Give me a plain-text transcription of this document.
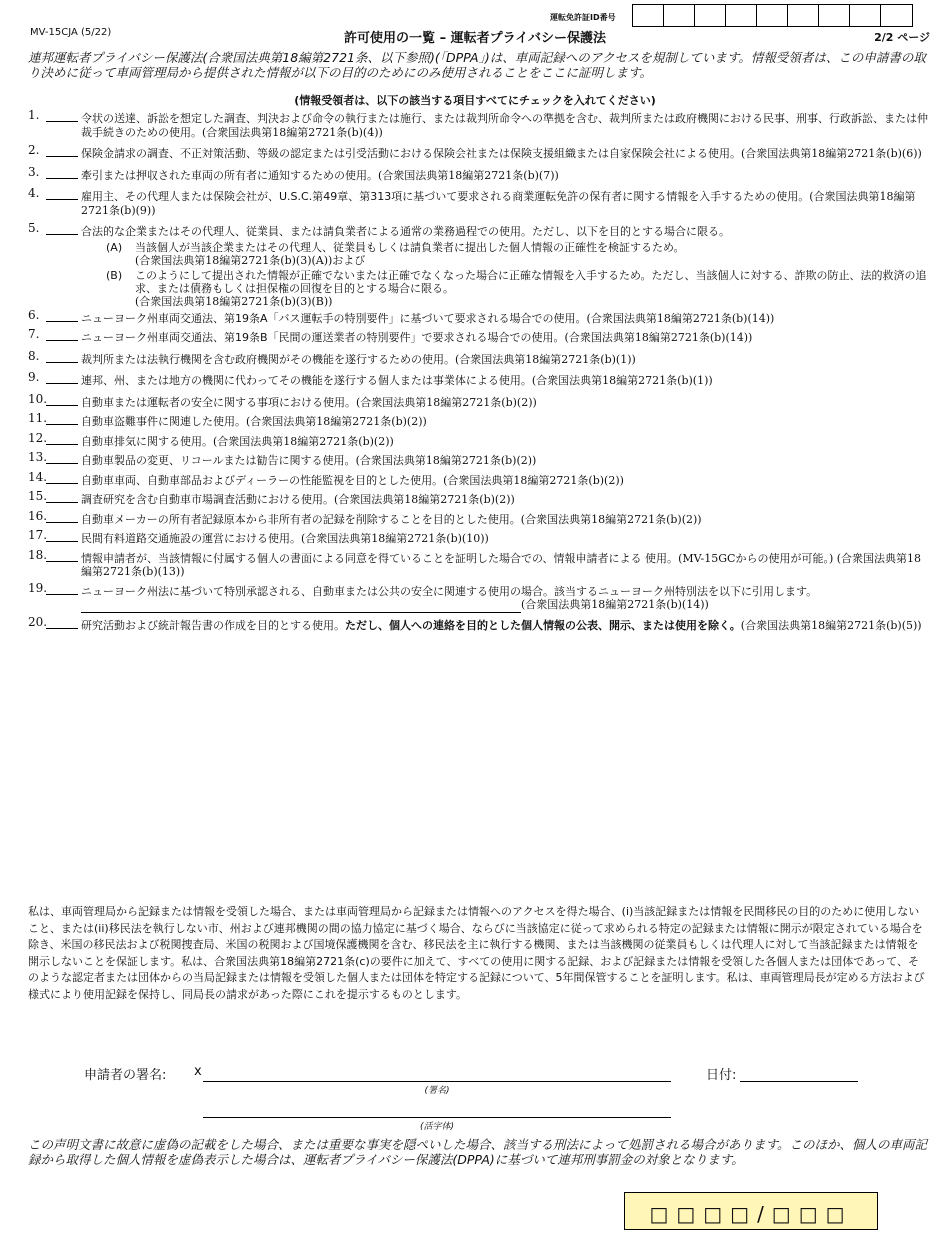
MV-15CJA (5/22)
運転免許証ID番号
許可使用の一覧 – 運転者プライバシー保護法	2/2 ページ
連邦運転者プライバシー保護法(合衆国法典第18編第2721条、以下参照)(「DPPA」)は、車両記録へのアクセスを規制しています。情報受領者は、この申請書の取り決めに従って車両管理局から提供された情報が以下の目的のためにのみ使用されることをここに証明します。
(情報受領者は、以下の該当する項目すべてにチェックを入れてください)
1.	令状の送達、訴訟を想定した調査、判決および命令の執行または施行、または裁判所命令への準拠を含む、裁判所または政府機関における民事、刑事、行政訴訟、または仲裁手続きのための使用。(合衆国法典第18編第2721条(b)(4))
2.	保険金請求の調査、不正対策活動、等級の認定または引受活動における保険会社または保険支援組織または自家保険会社による使用。(合衆国法典第18編第2721条(b)(6))
3.	牽引または押収された車両の所有者に通知するための使用。(合衆国法典第18編第2721条(b)(7))
4.	雇用主、その代理人または保険会社が、U.S.C.第49章、第313項に基づいて要求される商業運転免許の保有者に関する情報を入手するための使用。(合衆国法典第18編第2721条(b)(9))
5.	合法的な企業またはその代理人、従業員、または請負業者による通常の業務過程での使用。ただし、以下を目的とする場合に限る。
(A) 当該個人が当該企業またはその代理人、従業員もしくは請負業者に提出した個人情報の正確性を検証するため。
(合衆国法典第18編第2721条(b)(3)(A))および
(B) このようにして提出された情報が正確でないまたは正確でなくなった場合に正確な情報を入手するため。ただし、当該個人に対する、詐欺の防止、法的救済の追求、または債務もしくは担保権の回復を目的とする場合に限る。
(合衆国法典第18編第2721条(b)(3)(B))
6.	ニューヨーク州車両交通法、第19条A「バス運転手の特別要件」に基づいて要求される場合での使用。(合衆国法典第18編第2721条(b)(14))
7.	ニューヨーク州車両交通法、第19条B「民間の運送業者の特別要件」で要求される場合での使用。(合衆国法典第18編第2721条(b)(14))
8.	裁判所または法執行機関を含む政府機関がその機能を遂行するための使用。(合衆国法典第18編第2721条(b)(1))
9.	連邦、州、または地方の機関に代わってその機能を遂行する個人または事業体による使用。(合衆国法典第18編第2721条(b)(1))
10.	自動車または運転者の安全に関する事項における使用。(合衆国法典第18編第2721条(b)(2))
11.	自動車盗難事件に関連した使用。(合衆国法典第18編第2721条(b)(2))
12.	自動車排気に関する使用。(合衆国法典第18編第2721条(b)(2))
13.	自動車製品の変更、リコールまたは勧告に関する使用。(合衆国法典第18編第2721条(b)(2))
14.	自動車車両、自動車部品およびディーラーの性能監視を目的とした使用。(合衆国法典第18編第2721条(b)(2))
15.	調査研究を含む自動車市場調査活動における使用。(合衆国法典第18編第2721条(b)(2))
16.	自動車メーカーの所有者記録原本から非所有者の記録を削除することを目的とした使用。(合衆国法典第18編第2721条(b)(2))
17.	民間有料道路交通施設の運営における使用。(合衆国法典第18編第2721条(b)(10))
18.	情報申請者が、当該情報に付属する個人の書面による同意を得ていることを証明した場合での、情報申請者による 使用。(MV-15GCからの使用が可能。) (合衆国法典第18編第2721条(b)(13))
19.	ニューヨーク州法に基づいて特別承認される、自動車または公共の安全に関連する使用の場合。該当するニューヨーク州特別法を以下に引用します。 (合衆国法典第18編第2721条(b)(14))
20.	研究活動および統計報告書の作成を目的とする使用。ただし、個人への連絡を目的とした個人情報の公表、開示、または使用を除く。(合衆国法典第18編第2721条(b)(5))
私は、車両管理局から記録または情報を受領した場合、または車両管理局から記録または情報へのアクセスを得た場合、(i)当該記録または情報を民間移民の目的のために使用しないこと、または(ii)移民法を執行しない市、州および連邦機関の間の協力協定に基づく場合、ならびに当該協定に従って求められる特定の記録または情報に開示が限定されている場合を除き、米国の移民法および税関捜査局、米国の税関および国境保護機関を含む、移民法を主に執行する機関、または当該機関の従業員もしくは代理人に対して当該記録または情報を開示しないことを保証します。私は、合衆国法典第18編第2721条(c)の要件に加えて、すべての使用に関する記録、および記録または情報を受領した各個人または団体であって、そのような認定者または団体からの当局記録または情報を受領した個人または団体を特定する記録について、5年間保管することを証明します。私は、車両管理局長が定める方法および様式により使用記録を保持し、同局長の請求があった際にこれを提示するものとします。
申請者の署名: x
(署名)
日付:
(活字体)
この声明文書に故意に虚偽の記載をした場合、または重要な事実を隠ぺいした場合、該当する刑法によって処罰される場合があります。このほか、個人の車両記録から取得した個人情報を虚偽表示した場合は、運転者プライバシー保護法(DPPA)に基づいて連邦刑事罰金の対象となります。
□□□□/□□□
